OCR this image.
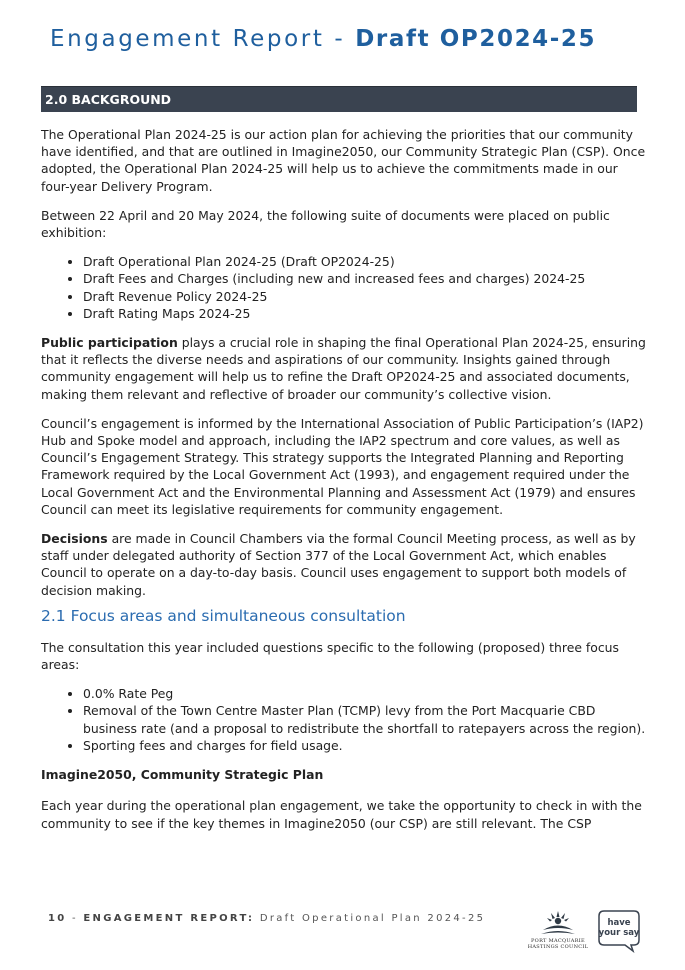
Engagement Report - Draft OP2024-25
2.0 BACKGROUND

The Operational Plan 2024-25 is our action plan for achieving the priorities that our community have identified, and that are outlined in Imagine2050, our Community Strategic Plan (CSP). Once adopted, the Operational Plan 2024-25 will help us to achieve the commitments made in our four-year Delivery Program.

Between 22 April and 20 May 2024, the following suite of documents were placed on public exhibition:

• Draft Operational Plan 2024-25 (Draft OP2024-25)
• Draft Fees and Charges (including new and increased fees and charges) 2024-25
• Draft Revenue Policy 2024-25
• Draft Rating Maps 2024-25

Public participation plays a crucial role in shaping the final Operational Plan 2024-25, ensuring that it reflects the diverse needs and aspirations of our community. Insights gained through community engagement will help us to refine the Draft OP2024-25 and associated documents, making them relevant and reflective of broader our community’s collective vision.

Council’s engagement is informed by the International Association of Public Participation’s (IAP2) Hub and Spoke model and approach, including the IAP2 spectrum and core values, as well as Council’s Engagement Strategy. This strategy supports the Integrated Planning and Reporting Framework required by the Local Government Act (1993), and engagement required under the Local Government Act and the Environmental Planning and Assessment Act (1979) and ensures Council can meet its legislative requirements for community engagement.

Decisions are made in Council Chambers via the formal Council Meeting process, as well as by staff under delegated authority of Section 377 of the Local Government Act, which enables Council to operate on a day-to-day basis. Council uses engagement to support both models of decision making.

2.1 Focus areas and simultaneous consultation

The consultation this year included questions specific to the following (proposed) three focus areas:

• 0.0% Rate Peg
• Removal of the Town Centre Master Plan (TCMP) levy from the Port Macquarie CBD business rate (and a proposal to redistribute the shortfall to ratepayers across the region).
• Sporting fees and charges for field usage.
Imagine2050, Community Strategic Plan

Each year during the operational plan engagement, we take the opportunity to check in with the community to see if the key themes in Imagine2050 (our CSP) are still relevant. The CSP

10 - ENGAGEMENT REPORT: Draft Operational Plan 2024-25
PORT MACQUARIE
HASTINGS COUNCIL
have
your say
